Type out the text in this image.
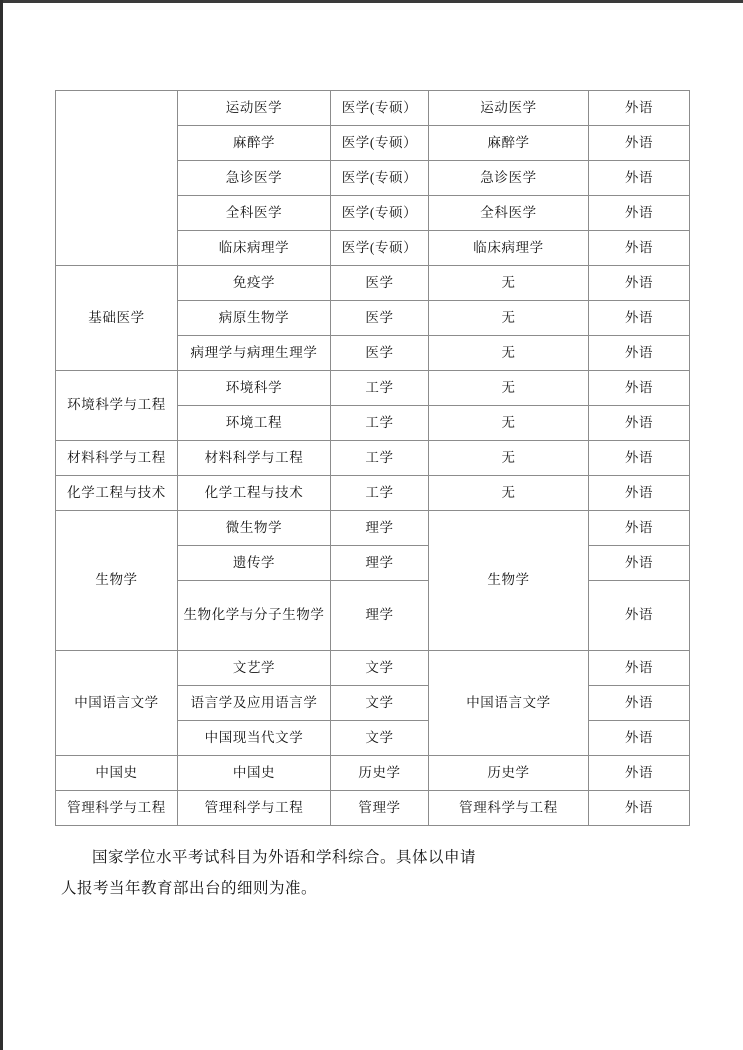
	运动医学	医学(专硕）	运动医学	外语
	麻醉学	医学(专硕）	麻醉学	外语
	急诊医学	医学(专硕）	急诊医学	外语
	全科医学	医学(专硕）	全科医学	外语
	临床病理学	医学(专硕）	临床病理学	外语
基础医学	免疫学	医学	无	外语
	病原生物学	医学	无	外语
	病理学与病理生理学	医学	无	外语
环境科学与工程	环境科学	工学	无	外语
	环境工程	工学	无	外语
材料科学与工程	材料科学与工程	工学	无	外语
化学工程与技术	化学工程与技术	工学	无	外语
生物学	微生物学	理学	生物学	外语
	遗传学	理学		外语
	生物化学与分子生物学	理学		外语
中国语言文学	文艺学	文学	中国语言文学	外语
	语言学及应用语言学	文学		外语
	中国现当代文学	文学		外语
中国史	中国史	历史学	历史学	外语
管理科学与工程	管理科学与工程	管理学	管理科学与工程	外语

国家学位水平考试科目为外语和学科综合。具体以申请

人报考当年教育部出台的细则为准。
